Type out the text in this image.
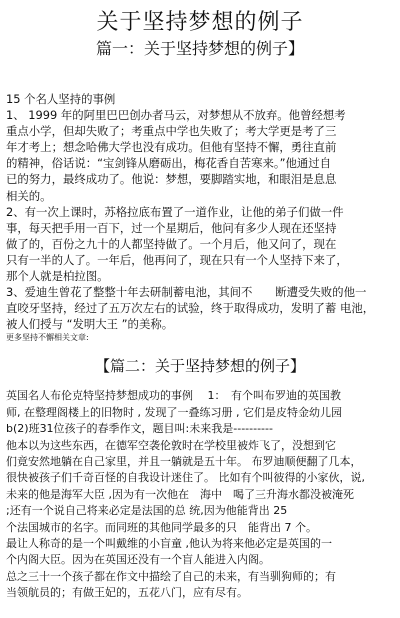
关于坚持梦想的例子
篇一：关于坚持梦想的例子】

15 个名人坚持的事例

1、 1999 年的阿里巴巴创办者马云，对梦想从不放弃。他曾经想考

重点小学，但却失败了；考重点中学也失败了；考大学更是考了三

年才考上；想念哈佛大学也没有成功。但他有坚持不懈，勇往直前

的精神，俗话说：“宝剑锋从磨砺出，梅花香自苦寒来。”他通过自

已的努力，最终成功了。他说：梦想，要脚踏实地，和眼泪是息息

相关的。

2、有一次上课时，苏格拉底布置了一道作业，让他的弟子们做一件

事，每天把手用一百下，过一个星期后，他问有多少人现在还坚持

做了的，百份之九十的人都坚持做了。一个月后，他又问了，现在

只有一半的人了。一年后，他再问了，现在只有一个人坚持下来了，

那个人就是柏拉图。

3、爱迪生曾花了整整十年去研制蓄电池，其间不　　断遭受失败的他一

直咬牙坚持，经过了五万次左右的试验，终于取得成功，发明了蓄 电池，

被人们授与 “发明大王 ”的美称。

更多坚持不懈相关文章:
【篇二：关于坚持梦想的例子】

英国名人布伦克特坚持梦想成功的事例　 1：　有个叫布罗迪的英国教

师, 在整理阁楼上的旧物时 , 发现了一叠练习册 , 它们是皮特金幼儿园

b(2)班31位孩子的春季作文，题目叫:未来我是----------

他本以为这些东西，在德军空袭伦敦时在学校里被炸飞了，没想到它

们竟安然地躺在自己家里，并且一躺就是五十年。 布罗迪顺便翻了几本，

很快被孩子们千奇百怪的自我设计迷住了。 比如有个叫彼得的小家伙，说,

未来的他是海军大臣 ,因为有一次他在　海中　喝了三升海水都没被淹死

;还有一个说自己将来必定是法国的总 统,因为他能背出 25

个法国城市的名字。而同班的其他同学最多的只　能背出 7 个。

最让人称奇的是一个叫戴维的小盲童 ,他认为将来他必定是英国的一

个内阁大臣。因为在英国还没有一个盲人能进入内阁。

总之三十一个孩子都在作文中描绘了自己的未来，有当驯狗师的；有

当领航员的；有做王妃的，五花八门，应有尽有。
